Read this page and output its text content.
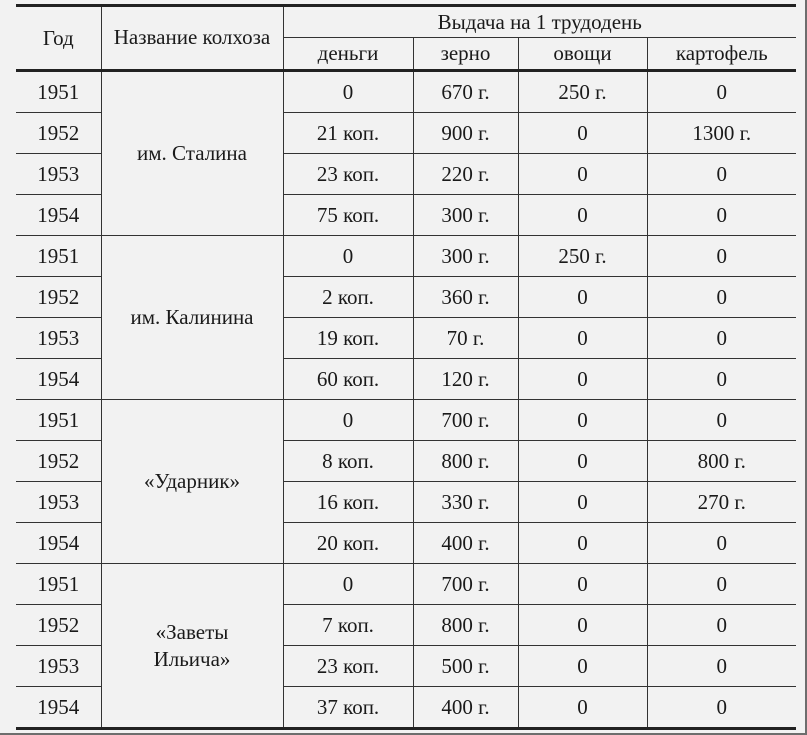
Год	Название колхоза	Выдача на 1 трудодень			
		деньги	зерно	овощи	картофель
1951	им. Сталина	0	670 г.	250 г.	0
1952		21 коп.	900 г.	0	1300 г.
1953		23 коп.	220 г.	0	0
1954		75 коп.	300 г.	0	0
1951	им. Калинина	0	300 г.	250 г.	0
1952		2 коп.	360 г.	0	0
1953		19 коп.	70 г.	0	0
1954		60 коп.	120 г.	0	0
1951	«Ударник»	0	700 г.	0	0
1952		8 коп.	800 г.	0	800 г.
1953		16 коп.	330 г.	0	270 г.
1954		20 коп.	400 г.	0	0
1951	«Заветы Ильича»	0	700 г.	0	0
1952		7 коп.	800 г.	0	0
1953		23 коп.	500 г.	0	0
1954		37 коп.	400 г.	0	0
